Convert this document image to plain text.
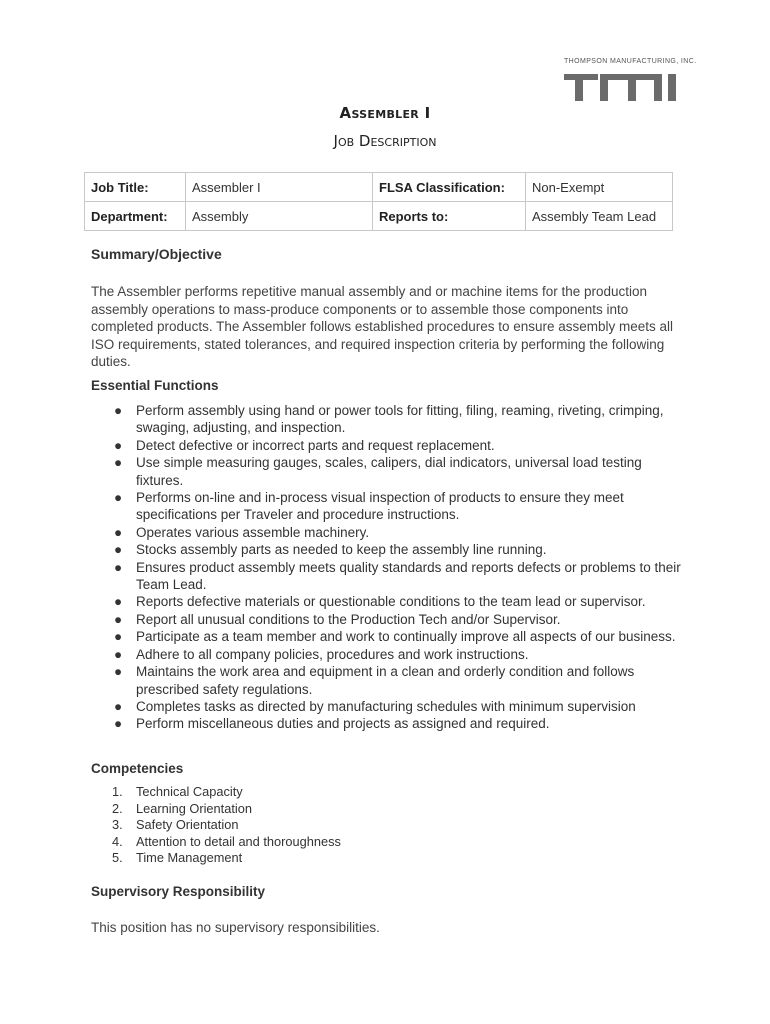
THOMPSON MANUFACTURING, INC.
Assembler I
Job Description
Job Title:	Assembler I	FLSA Classification:	Non-Exempt
Department:	Assembly	Reports to:	Assembly Team Lead
Summary/Objective
The Assembler performs repetitive manual assembly and or machine items for the production assembly operations to mass-produce components or to assemble those components into completed products. The Assembler follows established procedures to ensure assembly meets all ISO requirements, stated tolerances, and required inspection criteria by performing the following duties.
Essential Functions
● Perform assembly using hand or power tools for fitting, filing, reaming, riveting, crimping, swaging, adjusting, and inspection.
● Detect defective or incorrect parts and request replacement.
● Use simple measuring gauges, scales, calipers, dial indicators, universal load testing fixtures.
● Performs on-line and in-process visual inspection of products to ensure they meet specifications per Traveler and procedure instructions.
● Operates various assemble machinery.
● Stocks assembly parts as needed to keep the assembly line running.
● Ensures product assembly meets quality standards and reports defects or problems to their Team Lead.
● Reports defective materials or questionable conditions to the team lead or supervisor.
● Report all unusual conditions to the Production Tech and/or Supervisor.
● Participate as a team member and work to continually improve all aspects of our business.
● Adhere to all company policies, procedures and work instructions.
● Maintains the work area and equipment in a clean and orderly condition and follows prescribed safety regulations.
● Completes tasks as directed by manufacturing schedules with minimum supervision
● Perform miscellaneous duties and projects as assigned and required.
Competencies
1. Technical Capacity
2. Learning Orientation
3. Safety Orientation
4. Attention to detail and thoroughness
5. Time Management
Supervisory Responsibility
This position has no supervisory responsibilities.
